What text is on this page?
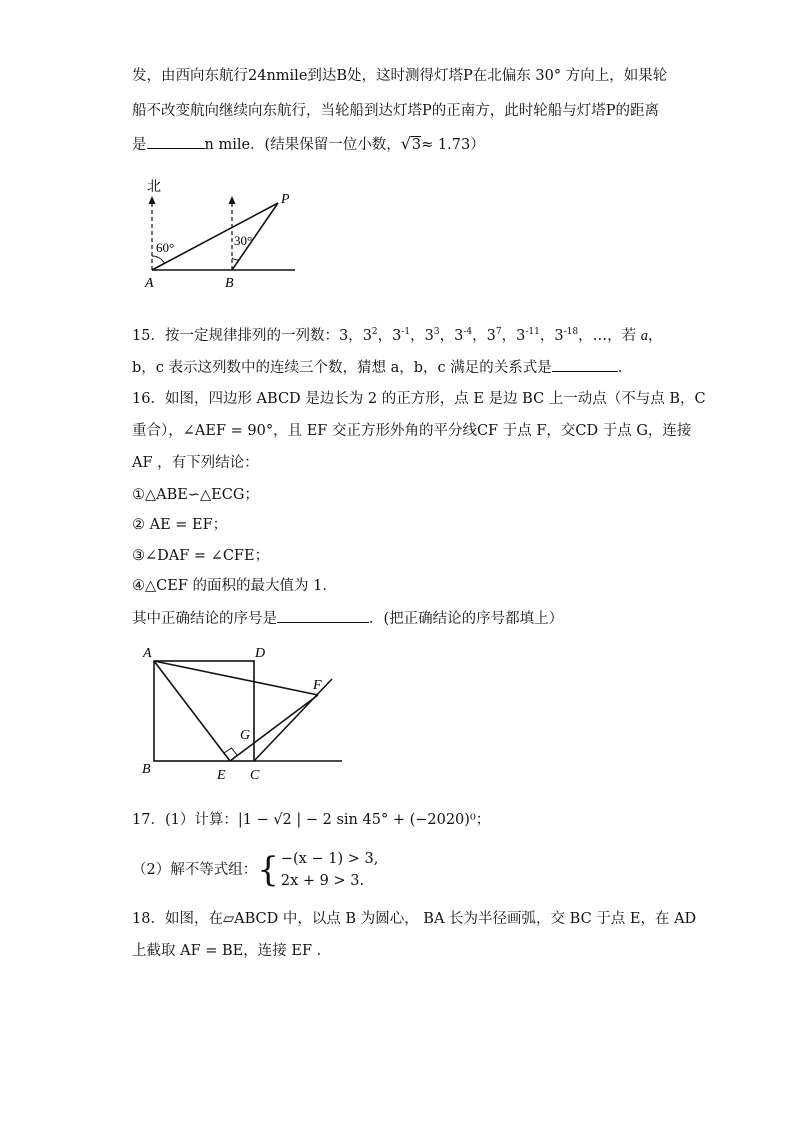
发，由西向东航行24nmile到达B处，这时测得灯塔P在北偏东 30° 方向上，如果轮
船不改变航向继续向东航行，当轮船到达灯塔P的正南方，此时轮船与灯塔P的距离
是	n mile．(结果保留一位小数，√3≈ 1.73）
北
60°	30°
A	B
P
15．按一定规律排列的一列数：3，$3^2$，$3^{-1}$，$3^3$，$3^{-4}$，$3^7$，$3^{-11}$，$3^{-18}$，…，若 a，
b，c 表示这列数中的连续三个数，猜想 a，b，c 满足的关系式是	．
16．如图，四边形 ABCD 是边长为 2 的正方形，点 E 是边 BC 上一动点（不与点 B，C
重合），∠AEF = 90°，且 EF 交正方形外角的平分线CF 于点 F，交CD 于点 G，连接
AF ，有下列结论：
①△ABE∽△ECG；
② AE = EF；
③∠DAF = ∠CFE；
④△CEF 的面积的最大值为 1．
其中正确结论的序号是	．(把正确结论的序号都填上）
A	D
F
G
B	E C
17．(1）计算：|1 − √2 | − 2 sin 45° + (−2020)⁰；
（2）解不等式组：{ −(x − 1) > 3,
2x + 9 > 3.
18．如图，在▱ABCD 中，以点 B 为圆心， BA 长为半径画弧，交 BC 于点 E，在 AD
上截取 AF = BE，连接 EF ．
